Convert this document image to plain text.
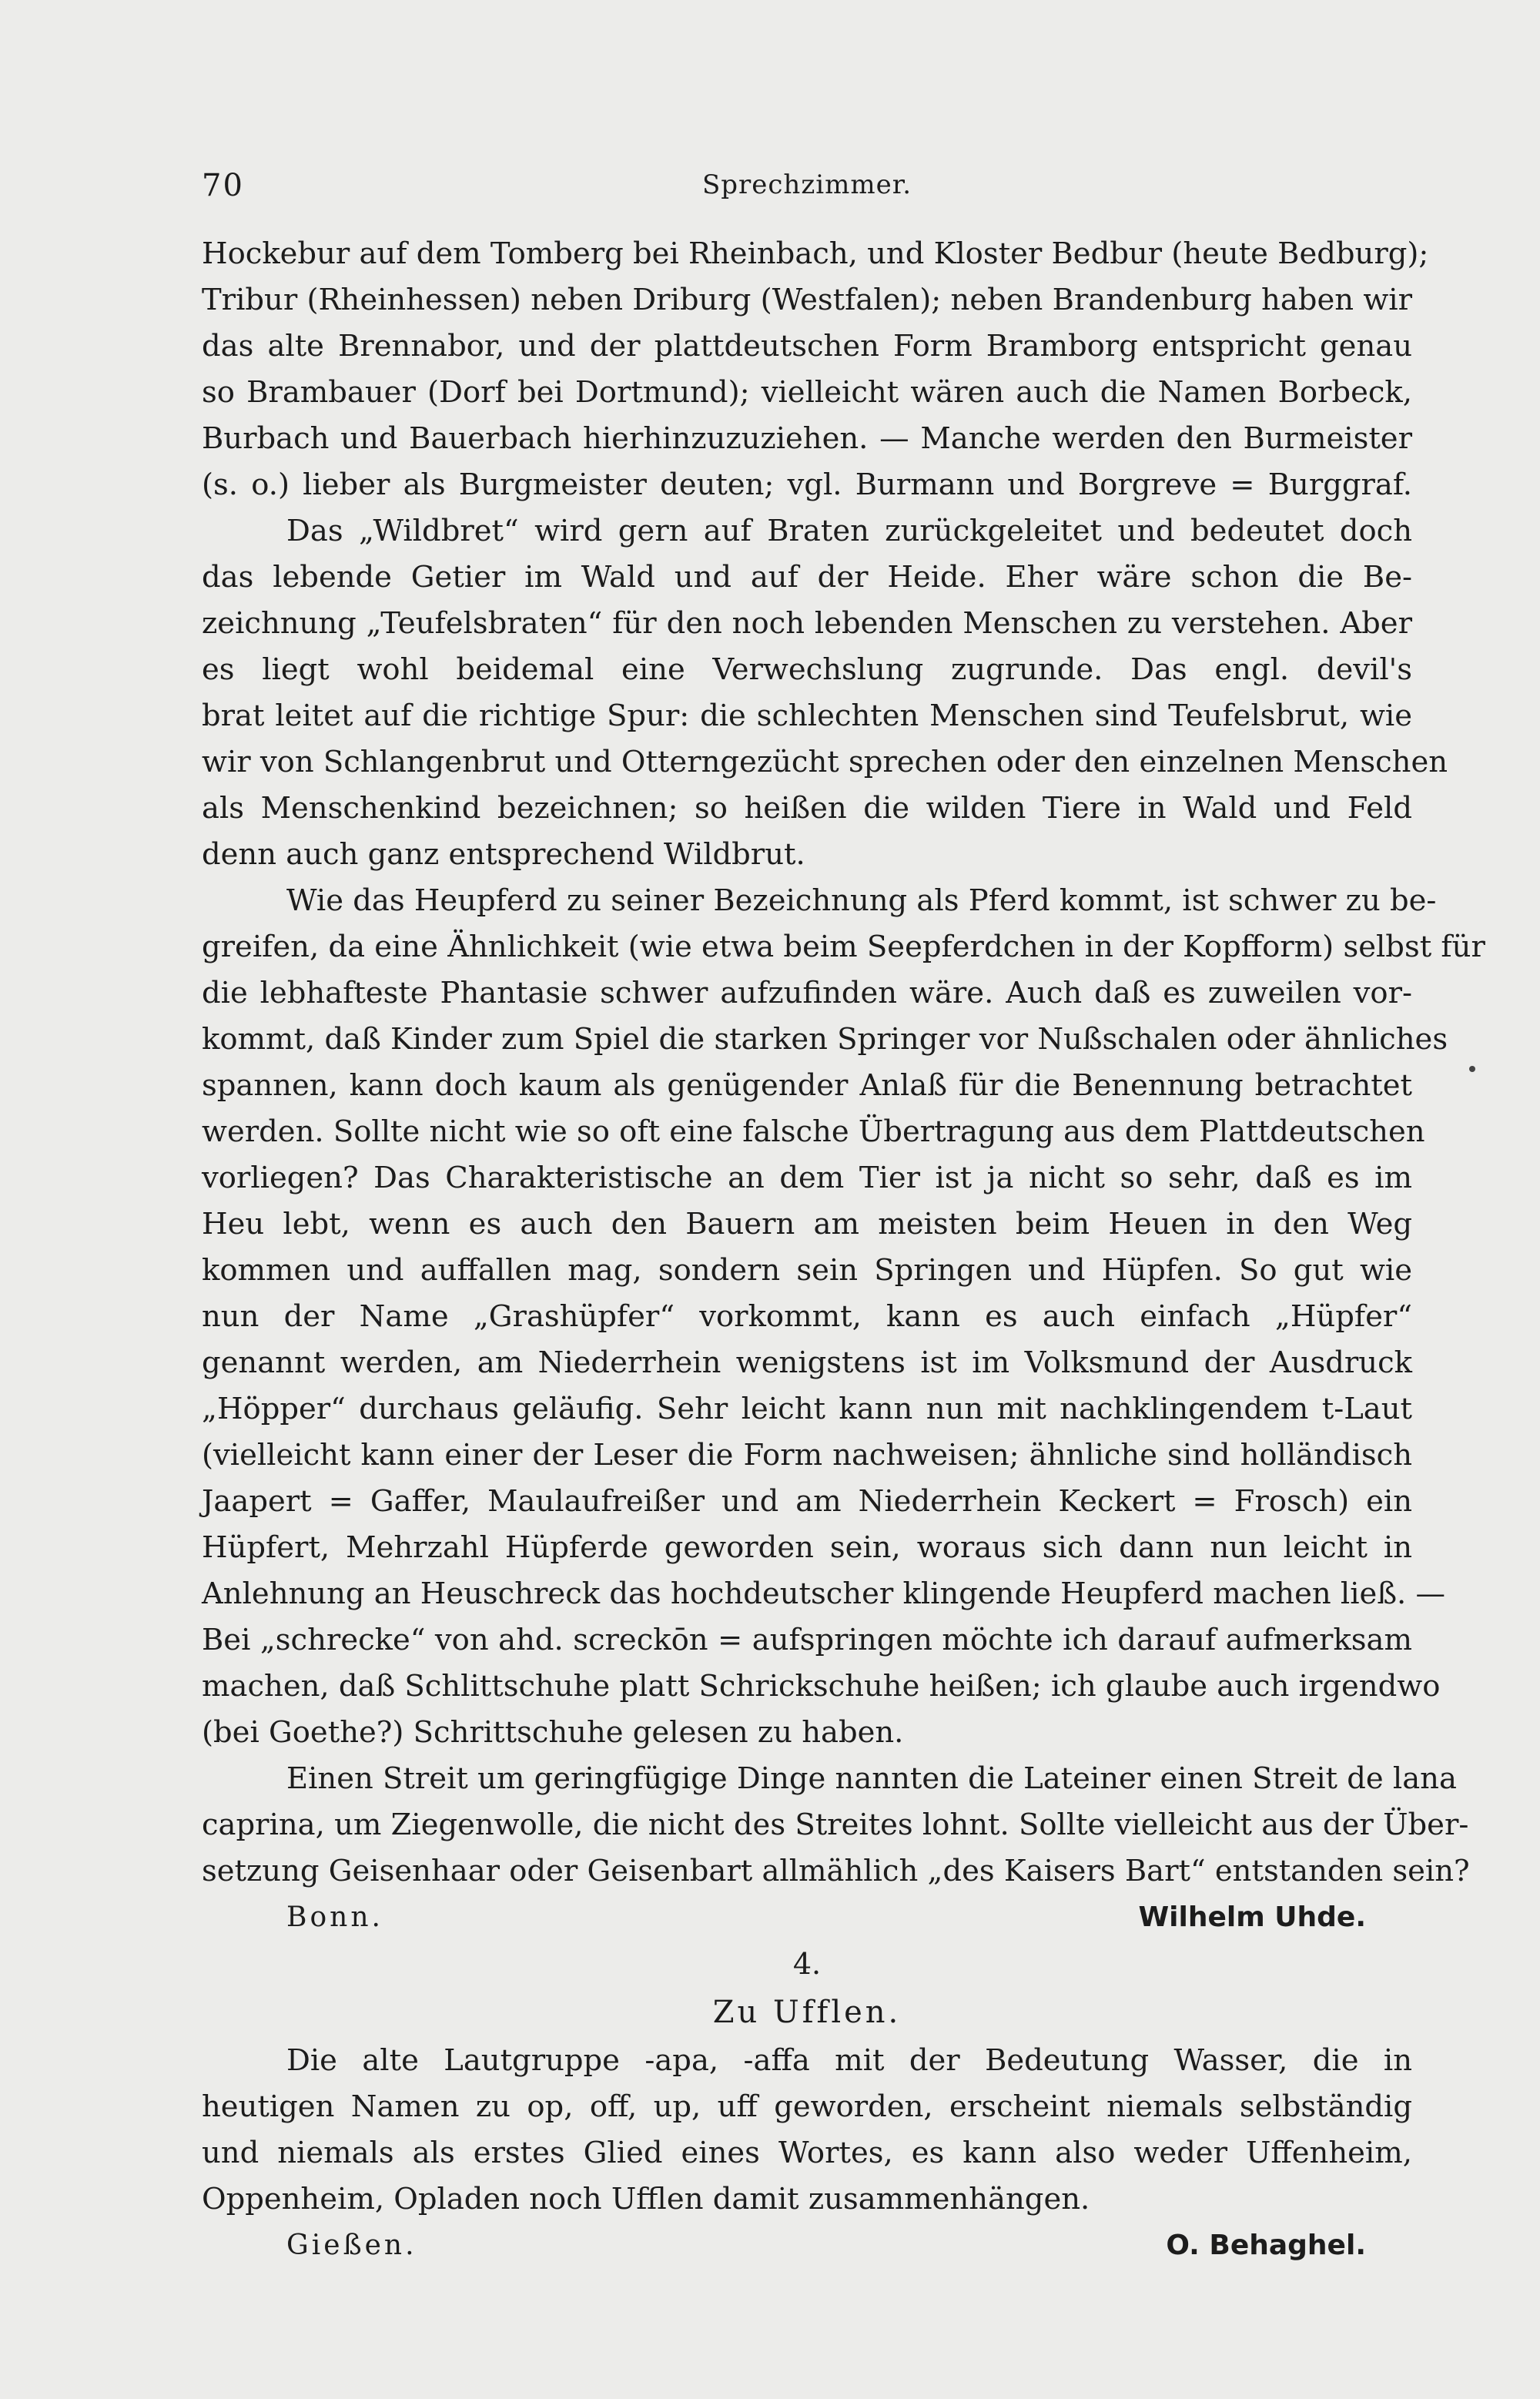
70	Sprechzimmer.
Hockebur auf dem Tomberg bei Rheinbach, und Kloster Bedbur (heute Bedburg);
Tribur (Rheinhessen) neben Driburg (Westfalen); neben Brandenburg haben wir
das alte Brennabor, und der plattdeutschen Form Bramborg entspricht genau
so Brambauer (Dorf bei Dortmund); vielleicht wären auch die Namen Borbeck,
Burbach und Bauerbach hierhinzuzuziehen. — Manche werden den Burmeister
(s. o.) lieber als Burgmeister deuten; vgl. Burmann und Borgreve = Burggraf.
Das „Wildbret“ wird gern auf Braten zurückgeleitet und bedeutet doch
das lebende Getier im Wald und auf der Heide. Eher wäre schon die Be-
zeichnung „Teufelsbraten“ für den noch lebenden Menschen zu verstehen. Aber
es liegt wohl beidemal eine Verwechslung zugrunde. Das engl. devil's
brat leitet auf die richtige Spur: die schlechten Menschen sind Teufelsbrut, wie
wir von Schlangenbrut und Otterngezücht sprechen oder den einzelnen Menschen
als Menschenkind bezeichnen; so heißen die wilden Tiere in Wald und Feld
denn auch ganz entsprechend Wildbrut.
Wie das Heupferd zu seiner Bezeichnung als Pferd kommt, ist schwer zu be-
greifen, da eine Ähnlichkeit (wie etwa beim Seepferdchen in der Kopfform) selbst für
die lebhafteste Phantasie schwer aufzufinden wäre. Auch daß es zuweilen vor-
kommt, daß Kinder zum Spiel die starken Springer vor Nußschalen oder ähnliches
spannen, kann doch kaum als genügender Anlaß für die Benennung betrachtet
werden. Sollte nicht wie so oft eine falsche Übertragung aus dem Plattdeutschen
vorliegen? Das Charakteristische an dem Tier ist ja nicht so sehr, daß es im
Heu lebt, wenn es auch den Bauern am meisten beim Heuen in den Weg
kommen und auffallen mag, sondern sein Springen und Hüpfen. So gut wie
nun der Name „Grashüpfer“ vorkommt, kann es auch einfach „Hüpfer“
genannt werden, am Niederrhein wenigstens ist im Volksmund der Ausdruck
„Höpper“ durchaus geläufig. Sehr leicht kann nun mit nachklingendem t-Laut
(vielleicht kann einer der Leser die Form nachweisen; ähnliche sind holländisch
Jaapert = Gaffer, Maulaufreißer und am Niederrhein Keckert = Frosch) ein
Hüpfert, Mehrzahl Hüpferde geworden sein, woraus sich dann nun leicht in
Anlehnung an Heuschreck das hochdeutscher klingende Heupferd machen ließ. —
Bei „schrecke“ von ahd. screckōn = aufspringen möchte ich darauf aufmerksam
machen, daß Schlittschuhe platt Schrickschuhe heißen; ich glaube auch irgendwo
(bei Goethe?) Schrittschuhe gelesen zu haben.
Einen Streit um geringfügige Dinge nannten die Lateiner einen Streit de lana
caprina, um Ziegenwolle, die nicht des Streites lohnt. Sollte vielleicht aus der Über-
setzung Geisenhaar oder Geisenbart allmählich „des Kaisers Bart“ entstanden sein?
Bonn.	Wilhelm Uhde.
4.
Zu Ufflen.
Die alte Lautgruppe -apa, -affa mit der Bedeutung Wasser, die in
heutigen Namen zu op, off, up, uff geworden, erscheint niemals selbständig
und niemals als erstes Glied eines Wortes, es kann also weder Uffenheim,
Oppenheim, Opladen noch Ufflen damit zusammenhängen.
Gießen.	O. Behaghel.
